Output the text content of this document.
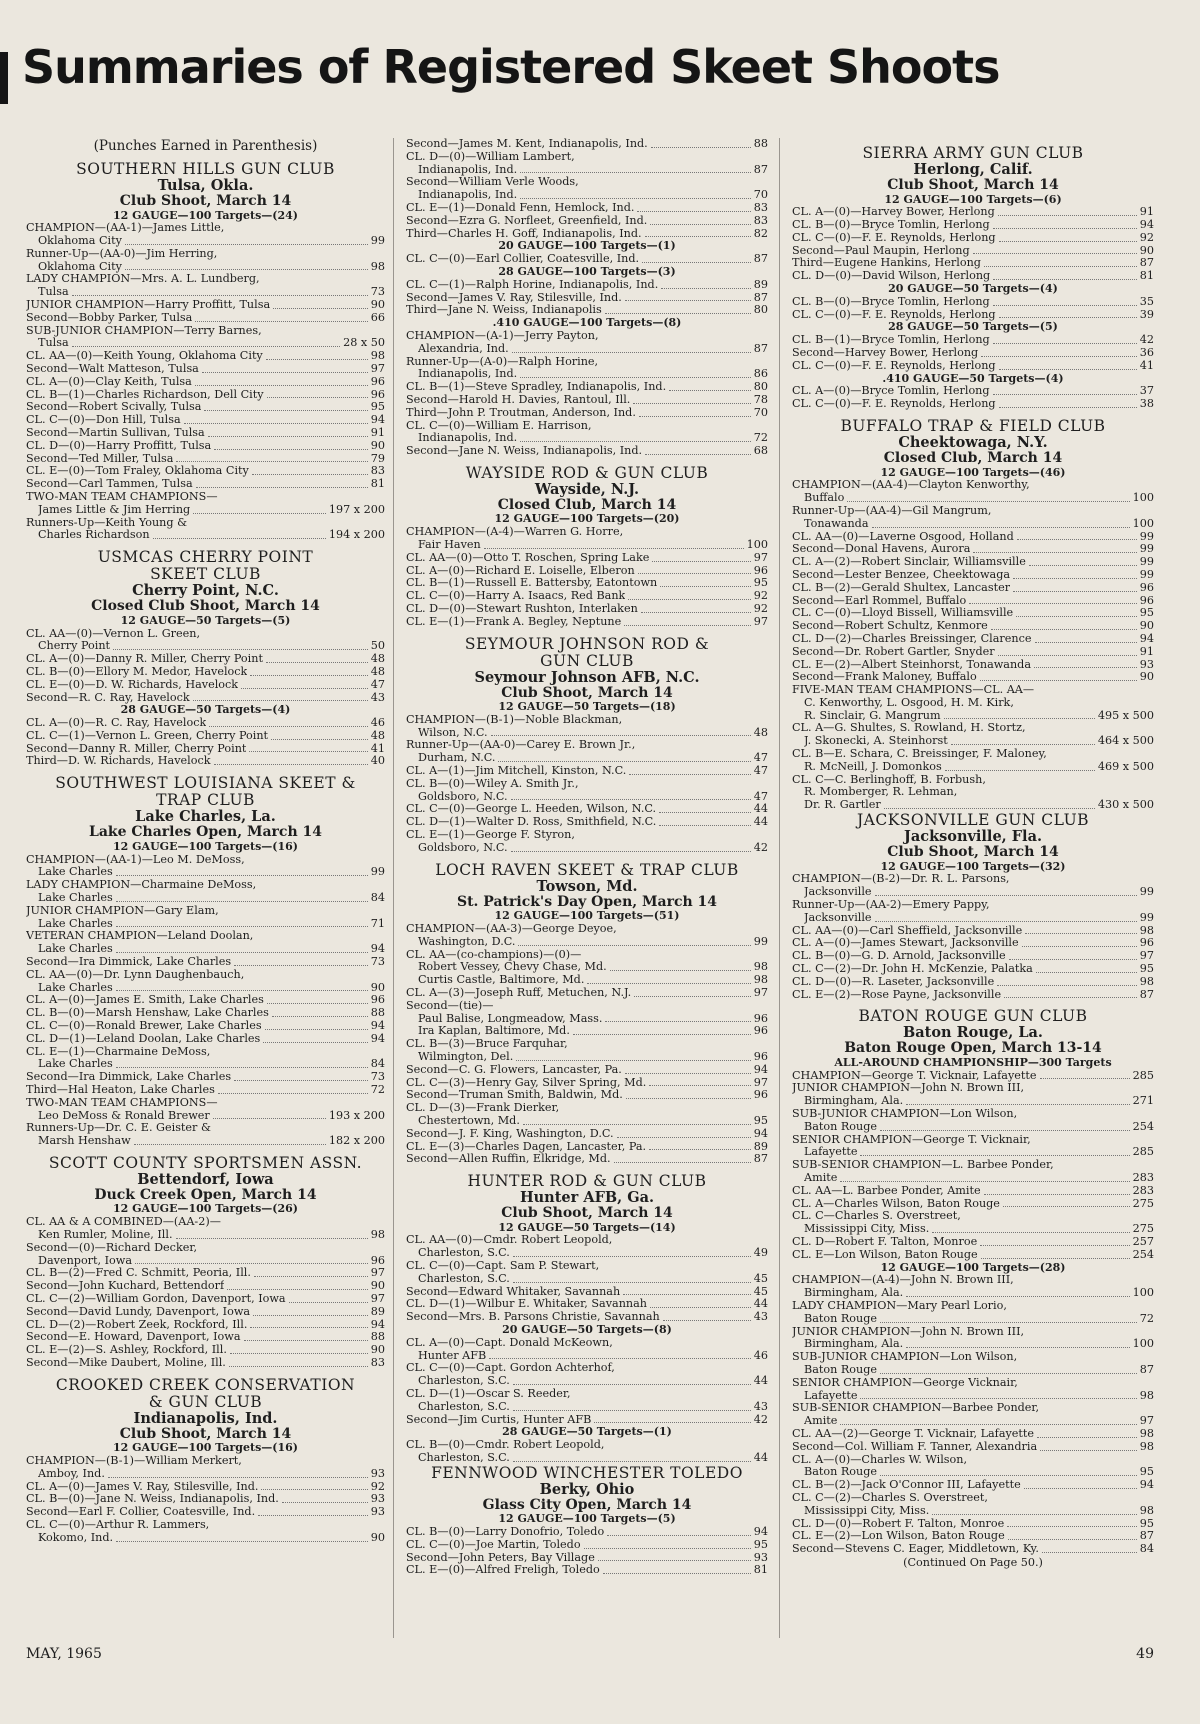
Summaries of Registered Skeet Shoots
(Punches Earned in Parenthesis)
SOUTHERN HILLS GUN CLUB
Tulsa, Okla.
Club Shoot, March 14
12 GAUGE—100 Targets—(24)
CHAMPION—(AA-1)—James Little,
Oklahoma City	99
Runner-Up—(AA-0)—Jim Herring,
Oklahoma City	98
LADY CHAMPION—Mrs. A. L. Lundberg,
Tulsa	73
JUNIOR CHAMPION—Harry Proffitt, Tulsa	90
Second—Bobby Parker, Tulsa	66
SUB-JUNIOR CHAMPION—Terry Barnes,
Tulsa	28 x 50
CL. AA—(0)—Keith Young, Oklahoma City	98
Second—Walt Matteson, Tulsa	97
CL. A—(0)—Clay Keith, Tulsa	96
CL. B—(1)—Charles Richardson, Dell City	96
Second—Robert Scivally, Tulsa	95
CL. C—(0)—Don Hill, Tulsa	94
Second—Martin Sullivan, Tulsa	91
CL. D—(0)—Harry Proffitt, Tulsa	90
Second—Ted Miller, Tulsa	79
CL. E—(0)—Tom Fraley, Oklahoma City	83
Second—Carl Tammen, Tulsa	81
TWO-MAN TEAM CHAMPIONS—
James Little & Jim Herring	197 x 200
Runners-Up—Keith Young &
Charles Richardson	194 x 200
USMCAS CHERRY POINT
SKEET CLUB
Cherry Point, N.C.
Closed Club Shoot, March 14
12 GAUGE—50 Targets—(5)
CL. AA—(0)—Vernon L. Green,
Cherry Point	50
CL. A—(0)—Danny R. Miller, Cherry Point	48
CL. B—(0)—Ellory M. Medor, Havelock	48
CL. E—(0)—D. W. Richards, Havelock	47
Second—R. C. Ray, Havelock	43
28 GAUGE—50 Targets—(4)
CL. A—(0)—R. C. Ray, Havelock	46
CL. C—(1)—Vernon L. Green, Cherry Point	48
Second—Danny R. Miller, Cherry Point	41
Third—D. W. Richards, Havelock	40
SOUTHWEST LOUISIANA SKEET &
TRAP CLUB
Lake Charles, La.
Lake Charles Open, March 14
12 GAUGE—100 Targets—(16)
CHAMPION—(AA-1)—Leo M. DeMoss,
Lake Charles	99
LADY CHAMPION—Charmaine DeMoss,
Lake Charles	84
JUNIOR CHAMPION—Gary Elam,
Lake Charles	71
VETERAN CHAMPION—Leland Doolan,
Lake Charles	94
Second—Ira Dimmick, Lake Charles	73
CL. AA—(0)—Dr. Lynn Daughenbauch,
Lake Charles	90
CL. A—(0)—James E. Smith, Lake Charles	96
CL. B—(0)—Marsh Henshaw, Lake Charles	88
CL. C—(0)—Ronald Brewer, Lake Charles	94
CL. D—(1)—Leland Doolan, Lake Charles	94
CL. E—(1)—Charmaine DeMoss,
Lake Charles	84
Second—Ira Dimmick, Lake Charles	73
Third—Hal Heaton, Lake Charles	72
TWO-MAN TEAM CHAMPIONS—
Leo DeMoss & Ronald Brewer	193 x 200
Runners-Up—Dr. C. E. Geister &
Marsh Henshaw	182 x 200
SCOTT COUNTY SPORTSMEN ASSN.
Bettendorf, Iowa
Duck Creek Open, March 14
12 GAUGE—100 Targets—(26)
CL. AA & A COMBINED—(AA-2)—
Ken Rumler, Moline, Ill.	98
Second—(0)—Richard Decker,
Davenport, Iowa	96
CL. B—(2)—Fred C. Schmitt, Peoria, Ill.	97
Second—John Kuchard, Bettendorf	90
CL. C—(2)—William Gordon, Davenport, Iowa	97
Second—David Lundy, Davenport, Iowa	89
CL. D—(2)—Robert Zeek, Rockford, Ill.	94
Second—E. Howard, Davenport, Iowa	88
CL. E—(2)—S. Ashley, Rockford, Ill.	90
Second—Mike Daubert, Moline, Ill.	83
CROOKED CREEK CONSERVATION
& GUN CLUB
Indianapolis, Ind.
Club Shoot, March 14
12 GAUGE—100 Targets—(16)
CHAMPION—(B-1)—William Merkert,
Amboy, Ind.	93
CL. A—(0)—James V. Ray, Stilesville, Ind.	92
CL. B—(0)—Jane N. Weiss, Indianapolis, Ind.	93
Second—Earl F. Collier, Coatesville, Ind.	93
CL. C—(0)—Arthur R. Lammers,
Kokomo, Ind.	90
Second—James M. Kent, Indianapolis, Ind.	88
CL. D—(0)—William Lambert,
Indianapolis, Ind.	87
Second—William Verle Woods,
Indianapolis, Ind.	70
CL. E—(1)—Donald Fenn, Hemlock, Ind.	83
Second—Ezra G. Norfleet, Greenfield, Ind.	83
Third—Charles H. Goff, Indianapolis, Ind.	82
20 GAUGE—100 Targets—(1)
CL. C—(0)—Earl Collier, Coatesville, Ind.	87
28 GAUGE—100 Targets—(3)
CL. C—(1)—Ralph Horine, Indianapolis, Ind.	89
Second—James V. Ray, Stilesville, Ind.	87
Third—Jane N. Weiss, Indianapolis	80
.410 GAUGE—100 Targets—(8)
CHAMPION—(A-1)—Jerry Payton,
Alexandria, Ind.	87
Runner-Up—(A-0)—Ralph Horine,
Indianapolis, Ind.	86
CL. B—(1)—Steve Spradley, Indianapolis, Ind.	80
Second—Harold H. Davies, Rantoul, Ill.	78
Third—John P. Troutman, Anderson, Ind.	70
CL. C—(0)—William E. Harrison,
Indianapolis, Ind.	72
Second—Jane N. Weiss, Indianapolis, Ind.	68
WAYSIDE ROD & GUN CLUB
Wayside, N.J.
Closed Club, March 14
12 GAUGE—100 Targets—(20)
CHAMPION—(A-4)—Warren G. Horre,
Fair Haven	100
CL. AA—(0)—Otto T. Roschen, Spring Lake	97
CL. A—(0)—Richard E. Loiselle, Elberon	96
CL. B—(1)—Russell E. Battersby, Eatontown	95
CL. C—(0)—Harry A. Isaacs, Red Bank	92
CL. D—(0)—Stewart Rushton, Interlaken	92
CL. E—(1)—Frank A. Begley, Neptune	97
SEYMOUR JOHNSON ROD &
GUN CLUB
Seymour Johnson AFB, N.C.
Club Shoot, March 14
12 GAUGE—50 Targets—(18)
CHAMPION—(B-1)—Noble Blackman,
Wilson, N.C.	48
Runner-Up—(AA-0)—Carey E. Brown Jr.,
Durham, N.C.	47
CL. A—(1)—Jim Mitchell, Kinston, N.C.	47
CL. B—(0)—Wiley A. Smith Jr.,
Goldsboro, N.C.	47
CL. C—(0)—George L. Heeden, Wilson, N.C.	44
CL. D—(1)—Walter D. Ross, Smithfield, N.C.	44
CL. E—(1)—George F. Styron,
Goldsboro, N.C.	42
LOCH RAVEN SKEET & TRAP CLUB
Towson, Md.
St. Patrick's Day Open, March 14
12 GAUGE—100 Targets—(51)
CHAMPION—(AA-3)—George Deyoe,
Washington, D.C.	99
CL. AA—(co-champions)—(0)—
Robert Vessey, Chevy Chase, Md.	98
Curtis Castle, Baltimore, Md.	98
CL. A—(3)—Joseph Ruff, Metuchen, N.J.	97
Second—(tie)—
Paul Balise, Longmeadow, Mass.	96
Ira Kaplan, Baltimore, Md.	96
CL. B—(3)—Bruce Farquhar,
Wilmington, Del.	96
Second—C. G. Flowers, Lancaster, Pa.	94
CL. C—(3)—Henry Gay, Silver Spring, Md.	97
Second—Truman Smith, Baldwin, Md.	96
CL. D—(3)—Frank Dierker,
Chestertown, Md.	95
Second—J. F. King, Washington, D.C.	94
CL. E—(3)—Charles Dagen, Lancaster, Pa.	89
Second—Allen Ruffin, Elkridge, Md.	87
HUNTER ROD & GUN CLUB
Hunter AFB, Ga.
Club Shoot, March 14
12 GAUGE—50 Targets—(14)
CL. AA—(0)—Cmdr. Robert Leopold,
Charleston, S.C.	49
CL. C—(0)—Capt. Sam P. Stewart,
Charleston, S.C.	45
Second—Edward Whitaker, Savannah	45
CL. D—(1)—Wilbur E. Whitaker, Savannah	44
Second—Mrs. B. Parsons Christie, Savannah	43
20 GAUGE—50 Targets—(8)
CL. A—(0)—Capt. Donald McKeown,
Hunter AFB	46
CL. C—(0)—Capt. Gordon Achterhof,
Charleston, S.C.	44
CL. D—(1)—Oscar S. Reeder,
Charleston, S.C.	43
Second—Jim Curtis, Hunter AFB	42
28 GAUGE—50 Targets—(1)
CL. B—(0)—Cmdr. Robert Leopold,
Charleston, S.C.	44
FENNWOOD WINCHESTER TOLEDO
Berky, Ohio
Glass City Open, March 14
12 GAUGE—100 Targets—(5)
CL. B—(0)—Larry Donofrio, Toledo	94
CL. C—(0)—Joe Martin, Toledo	95
Second—John Peters, Bay Village	93
CL. E—(0)—Alfred Freligh, Toledo	81
SIERRA ARMY GUN CLUB
Herlong, Calif.
Club Shoot, March 14
12 GAUGE—100 Targets—(6)
CL. A—(0)—Harvey Bower, Herlong	91
CL. B—(0)—Bryce Tomlin, Herlong	94
CL. C—(0)—F. E. Reynolds, Herlong	92
Second—Paul Maupin, Herlong	90
Third—Eugene Hankins, Herlong	87
CL. D—(0)—David Wilson, Herlong	81
20 GAUGE—50 Targets—(4)
CL. B—(0)—Bryce Tomlin, Herlong	35
CL. C—(0)—F. E. Reynolds, Herlong	39
28 GAUGE—50 Targets—(5)
CL. B—(1)—Bryce Tomlin, Herlong	42
Second—Harvey Bower, Herlong	36
CL. C—(0)—F. E. Reynolds, Herlong	41
.410 GAUGE—50 Targets—(4)
CL. A—(0)—Bryce Tomlin, Herlong	37
CL. C—(0)—F. E. Reynolds, Herlong	38
BUFFALO TRAP & FIELD CLUB
Cheektowaga, N.Y.
Closed Club, March 14
12 GAUGE—100 Targets—(46)
CHAMPION—(AA-4)—Clayton Kenworthy,
Buffalo	100
Runner-Up—(AA-4)—Gil Mangrum,
Tonawanda	100
CL. AA—(0)—Laverne Osgood, Holland	99
Second—Donal Havens, Aurora	99
CL. A—(2)—Robert Sinclair, Williamsville	99
Second—Lester Benzee, Cheektowaga	99
CL. B—(2)—Gerald Shultex, Lancaster	96
Second—Earl Rommel, Buffalo	96
CL. C—(0)—Lloyd Bissell, Williamsville	95
Second—Robert Schultz, Kenmore	90
CL. D—(2)—Charles Breissinger, Clarence	94
Second—Dr. Robert Gartler, Snyder	91
CL. E—(2)—Albert Steinhorst, Tonawanda	93
Second—Frank Maloney, Buffalo	90
FIVE-MAN TEAM CHAMPIONS—CL. AA—
C. Kenworthy, L. Osgood, H. M. Kirk,
R. Sinclair, G. Mangrum	495 x 500
CL. A—G. Shultes, S. Rowland, H. Stortz,
J. Skonecki, A. Steinhorst	464 x 500
CL. B—E. Schara, C. Breissinger, F. Maloney,
R. McNeill, J. Domonkos	469 x 500
CL. C—C. Berlinghoff, B. Forbush,
R. Momberger, R. Lehman,
Dr. R. Gartler	430 x 500
JACKSONVILLE GUN CLUB
Jacksonville, Fla.
Club Shoot, March 14
12 GAUGE—100 Targets—(32)
CHAMPION—(B-2)—Dr. R. L. Parsons,
Jacksonville	99
Runner-Up—(AA-2)—Emery Pappy,
Jacksonville	99
CL. AA—(0)—Carl Sheffield, Jacksonville	98
CL. A—(0)—James Stewart, Jacksonville	96
CL. B—(0)—G. D. Arnold, Jacksonville	97
CL. C—(2)—Dr. John H. McKenzie, Palatka	95
CL. D—(0)—R. Laseter, Jacksonville	98
CL. E—(2)—Rose Payne, Jacksonville	87
BATON ROUGE GUN CLUB
Baton Rouge, La.
Baton Rouge Open, March 13-14
ALL-AROUND CHAMPIONSHIP—300 Targets
CHAMPION—George T. Vicknair, Lafayette	285
JUNIOR CHAMPION—John N. Brown III,
Birmingham, Ala.	271
SUB-JUNIOR CHAMPION—Lon Wilson,
Baton Rouge	254
SENIOR CHAMPION—George T. Vicknair,
Lafayette	285
SUB-SENIOR CHAMPION—L. Barbee Ponder,
Amite	283
CL. AA—L. Barbee Ponder, Amite	283
CL. A—Charles Wilson, Baton Rouge	275
CL. C—Charles S. Overstreet,
Mississippi City, Miss.	275
CL. D—Robert F. Talton, Monroe	257
CL. E—Lon Wilson, Baton Rouge	254
12 GAUGE—100 Targets—(28)
CHAMPION—(A-4)—John N. Brown III,
Birmingham, Ala.	100
LADY CHAMPION—Mary Pearl Lorio,
Baton Rouge	72
JUNIOR CHAMPION—John N. Brown III,
Birmingham, Ala.	100
SUB-JUNIOR CHAMPION—Lon Wilson,
Baton Rouge	87
SENIOR CHAMPION—George Vicknair,
Lafayette	98
SUB-SENIOR CHAMPION—Barbee Ponder,
Amite	97
CL. AA—(2)—George T. Vicknair, Lafayette	98
Second—Col. William F. Tanner, Alexandria	98
CL. A—(0)—Charles W. Wilson,
Baton Rouge	95
CL. B—(2)—Jack O'Connor III, Lafayette	94
CL. C—(2)—Charles S. Overstreet,
Mississippi City, Miss.	98
CL. D—(0)—Robert F. Talton, Monroe	95
CL. E—(2)—Lon Wilson, Baton Rouge	87
Second—Stevens C. Eager, Middletown, Ky.	84
(Continued On Page 50.)
MAY, 1965	49
